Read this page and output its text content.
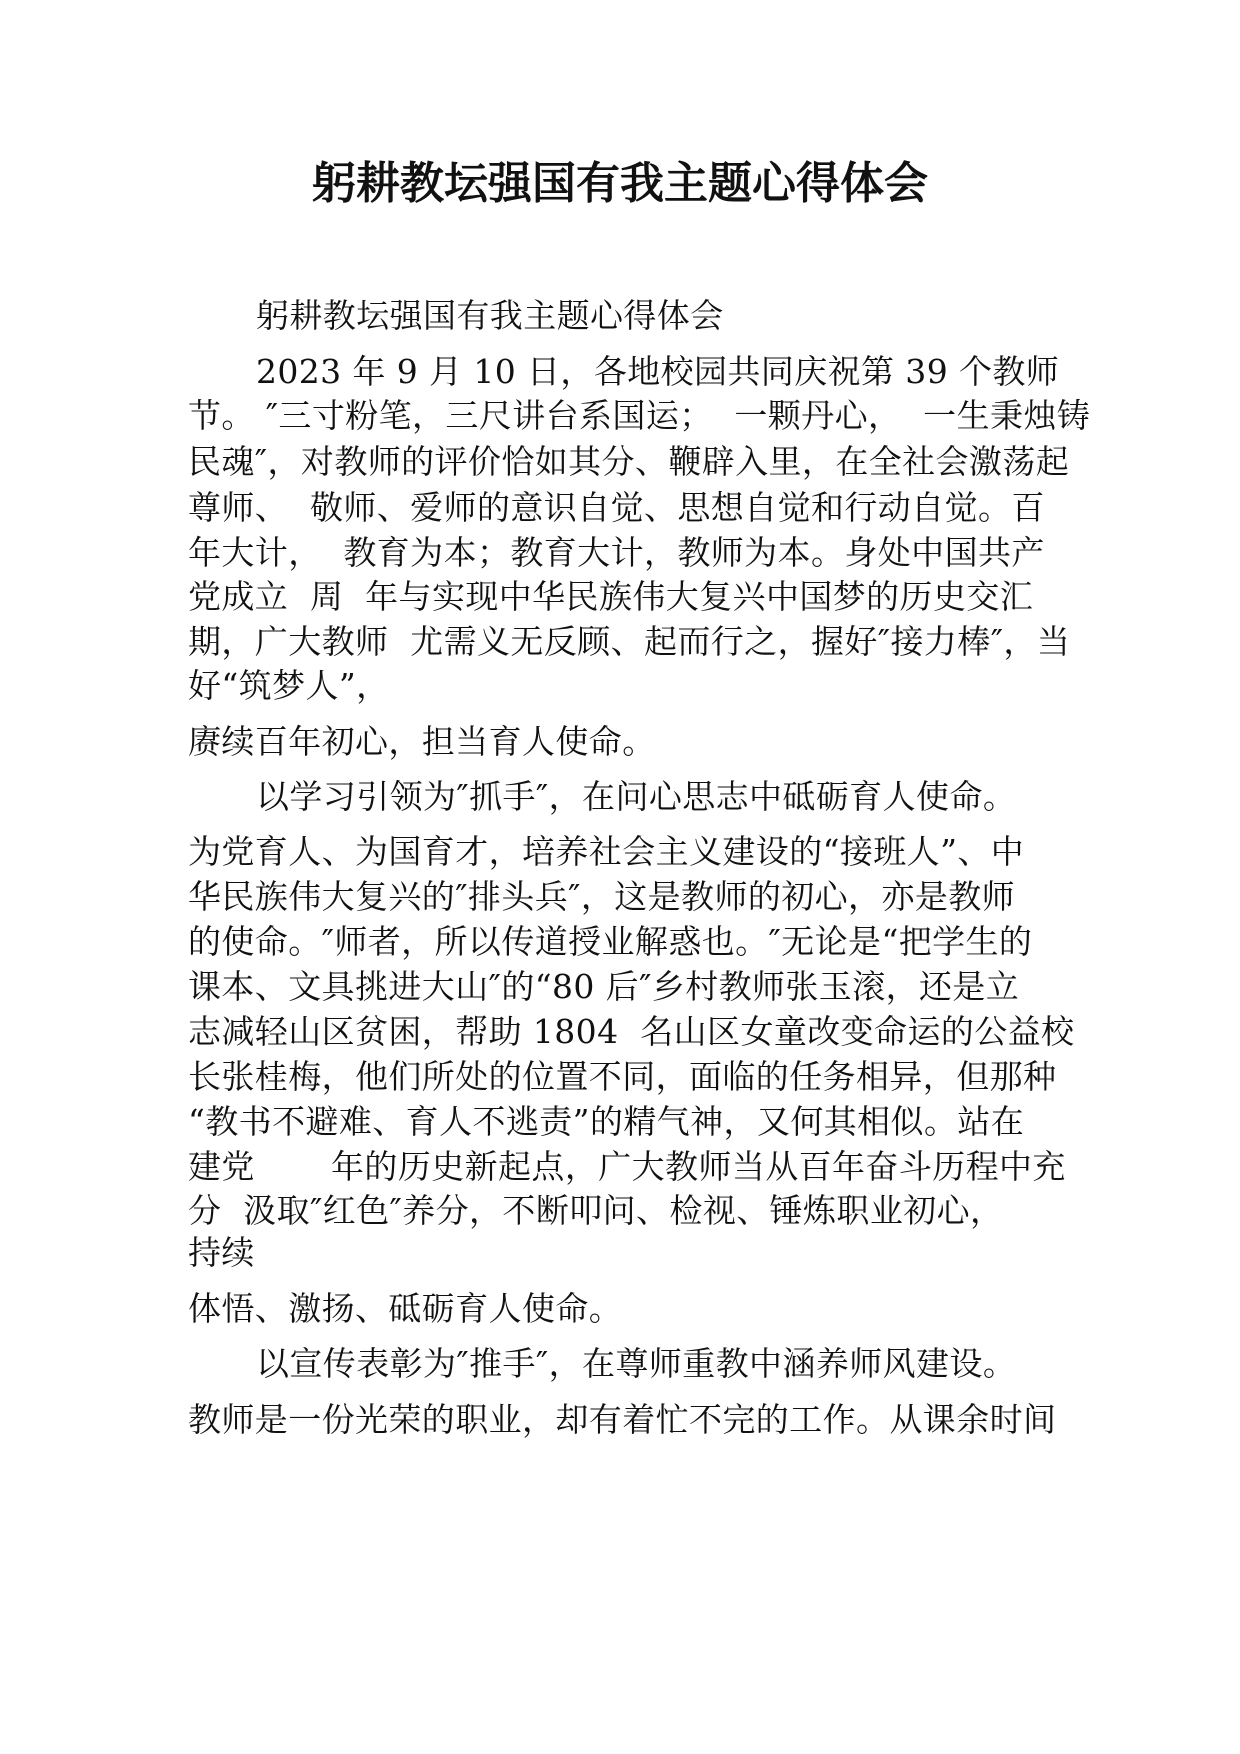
躬耕教坛强国有我主题心得体会
躬耕教坛强国有我主题心得体会
2023 年 9 月 10 日，各地校园共同庆祝第 39 个教师
节。 ″三寸粉笔，三尺讲台系国运；  一颗丹心，  一生秉烛铸
民魂″，对教师的评价恰如其分、鞭辟入里，在全社会激荡起
尊师、  敬师、爱师的意识自觉、思想自觉和行动自觉。百
年大计，  教育为本；教育大计，教师为本。身处中国共产
党成立  周  年与实现中华民族伟大复兴中国梦的历史交汇
期，广大教师  尤需义无反顾、起而行之，握好″接力棒″，当
好“筑梦人”，
赓续百年初心，担当育人使命。
以学习引领为″抓手″，在问心思志中砥砺育人使命。
为党育人、为国育才，培养社会主义建设的“接班人”、中
华民族伟大复兴的″排头兵″，这是教师的初心，亦是教师
的使命。″师者，所以传道授业解惑也。″无论是“把学生的
课本、文具挑进大山″的“80 后″乡村教师张玉滚，还是立
志减轻山区贫困，帮助 1804  名山区女童改变命运的公益校
长张桂梅，他们所处的位置不同，面临的任务相异，但那种
“教书不避难、育人不逃责”的精气神，又何其相似。站在
建党       年的历史新起点，广大教师当从百年奋斗历程中充
分  汲取″红色″养分，不断叩问、检视、锤炼职业初心，
持续
体悟、激扬、砥砺育人使命。
以宣传表彰为″推手″，在尊师重教中涵养师风建设。
教师是一份光荣的职业，却有着忙不完的工作。从课余时间
